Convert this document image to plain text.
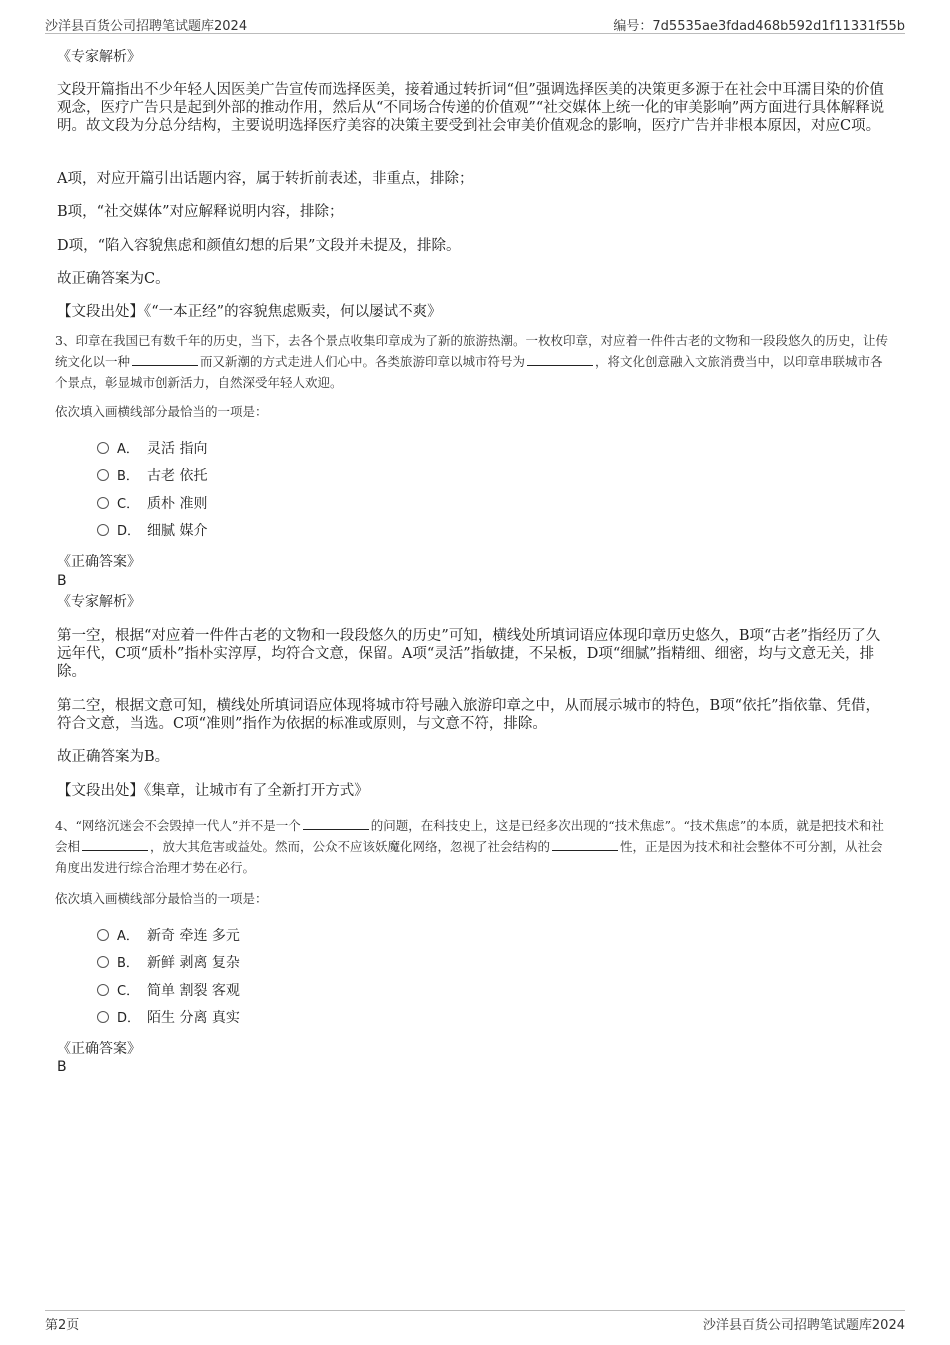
沙洋县百货公司招聘笔试题库2024	编号：7d5535ae3fdad468b592d1f11331f55b

《专家解析》

文段开篇指出不少年轻人因医美广告宣传而选择医美，接着通过转折词“但”强调选择医美的决策更多源于在社会中耳濡目染的价值观念，医疗广告只是起到外部的推动作用，然后从“不同场合传递的价值观”“社交媒体上统一化的审美影响”两方面进行具体解释说明。故文段为分总分结构，主要说明选择医疗美容的决策主要受到社会审美价值观念的影响，医疗广告并非根本原因，对应C项。

A项，对应开篇引出话题内容，属于转折前表述，非重点，排除；

B项，“社交媒体”对应解释说明内容，排除；

D项，“陷入容貌焦虑和颜值幻想的后果”文段并未提及，排除。

故正确答案为C。

【文段出处】《“一本正经”的容貌焦虑贩卖，何以屡试不爽》

3、印章在我国已有数千年的历史，当下，去各个景点收集印章成为了新的旅游热潮。一枚枚印章，对应着一件件古老的文物和一段段悠久的历史，让传统文化以一种	而又新潮的方式走进人们心中。各类旅游印章以城市符号为	，将文化创意融入文旅消费当中，以印章串联城市各个景点，彰显城市创新活力，自然深受年轻人欢迎。

依次填入画横线部分最恰当的一项是：

A． 灵活 指向
B． 古老 依托
C． 质朴 准则
D． 细腻 媒介

《正确答案》

B

《专家解析》

第一空，根据“对应着一件件古老的文物和一段段悠久的历史”可知，横线处所填词语应体现印章历史悠久，B项“古老”指经历了久远年代，C项“质朴”指朴实淳厚，均符合文意，保留。A项“灵活”指敏捷，不呆板，D项“细腻”指精细、细密，均与文意无关，排除。

第二空，根据文意可知，横线处所填词语应体现将城市符号融入旅游印章之中，从而展示城市的特色，B项“依托”指依靠、凭借，符合文意，当选。C项“准则”指作为依据的标准或原则，与文意不符，排除。

故正确答案为B。

【文段出处】《集章，让城市有了全新打开方式》

4、“网络沉迷会不会毁掉一代人”并不是一个	的问题，在科技史上，这是已经多次出现的“技术焦虑”。“技术焦虑”的本质，就是把技术和社会相	，放大其危害或益处。然而，公众不应该妖魔化网络，忽视了社会结构的	性，正是因为技术和社会整体不可分割，从社会角度出发进行综合治理才势在必行。

依次填入画横线部分最恰当的一项是：

A． 新奇 牵连 多元
B． 新鲜 剥离 复杂
C． 简单 割裂 客观
D． 陌生 分离 真实

《正确答案》

B

第2页	沙洋县百货公司招聘笔试题库2024
